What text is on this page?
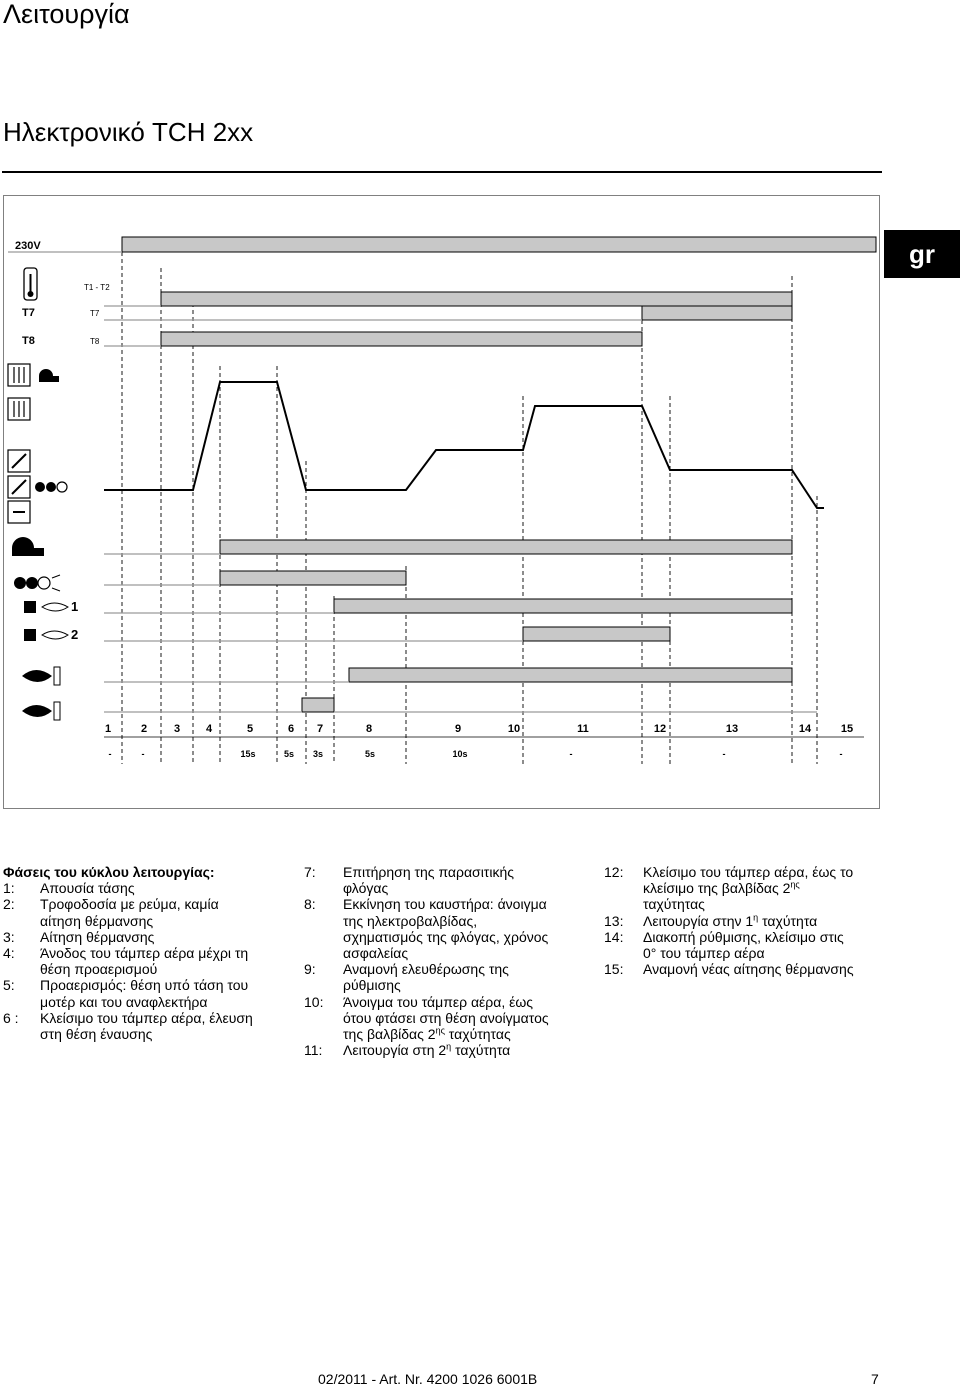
Λειτουργία
Ηλεκτρονικό TCH 2xx
gr
230V
T1 - T2
T7	T7
T8	T8
1
2
1	2 3 4	5	6 7	8	9	10	11	12	13	14	15
-	-	15s	5s 3s	5s	10s	-	-	-
Φάσεις του κύκλου λειτουργίας:
1: Απουσία τάσης
2: Τροφοδοσία με ρεύμα, καμία
αίτηση θέρμανσης
3: Αίτηση θέρμανσης
4: Άνοδος του τάμπερ αέρα μέχρι τη
θέση προαερισμού
5: Προαερισμός: θέση υπό τάση του
μοτέρ και του αναφλεκτήρα
6 : Κλείσιμο του τάμπερ αέρα, έλευση
στη θέση έναυσης
7: Επιτήρηση της παρασιτικής
φλόγας
8: Εκκίνηση του καυστήρα: άνοιγμα
της ηλεκτροβαλβίδας,
σχηματισμός της φλόγας, χρόνος
ασφαλείας
9: Αναμονή ελευθέρωσης της
ρύθμισης
10: Άνοιγμα του τάμπερ αέρα, έως
ότου φτάσει στη θέση ανοίγματος
της βαλβίδας $2^{\eta\varsigma}$ ταχύτητας
11: Λειτουργία στη $2^\eta$ ταχύτητα
12: Κλείσιμο του τάμπερ αέρα, έως το
κλείσιμο της βαλβίδας $2^{\eta\varsigma}$
ταχύτητας
13: Λειτουργία στην $1^\eta$ ταχύτητα
14: Διακοπή ρύθμισης, κλείσιμο στις
0° του τάμπερ αέρα
15: Αναμονή νέας αίτησης θέρμανσης
02/2011 - Art. Nr. 4200 1026 6001B	7
